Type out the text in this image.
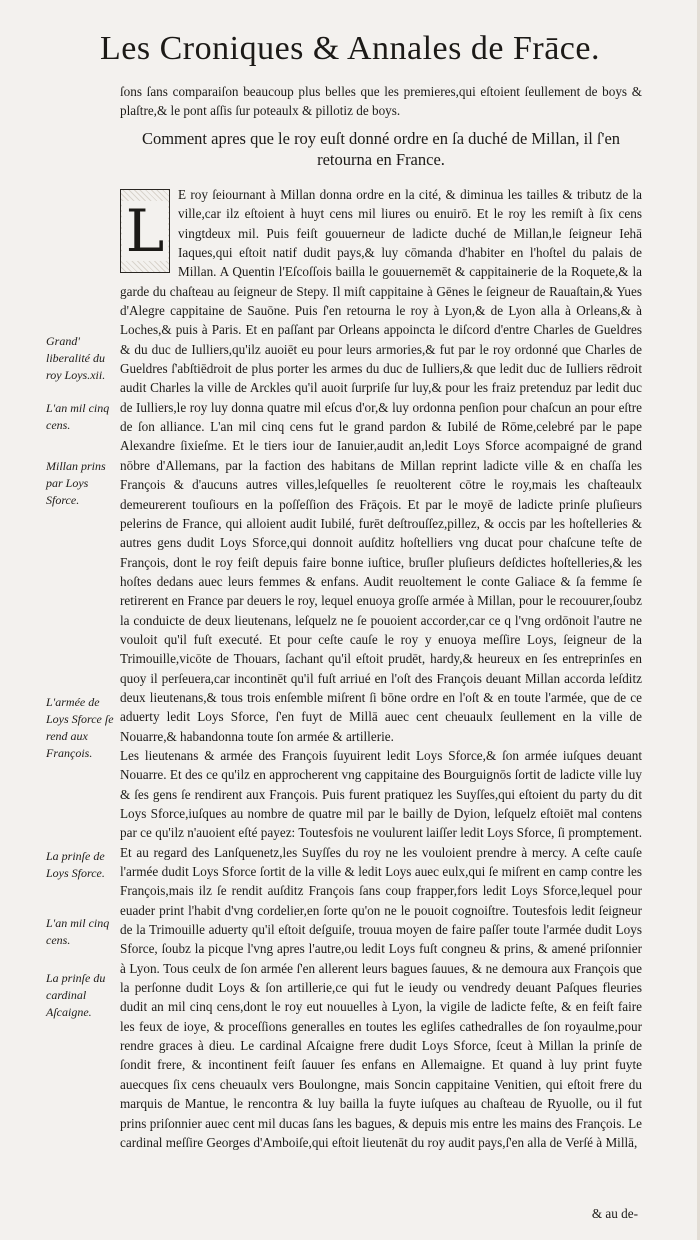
Les Croniques & Annales de Frāce.
ſons ſans comparaiſon beaucoup plus belles que les premieres,qui eſtoient ſeullement de boys & plaſtre,& le pont aſſis ſur poteaulx & pillotiz de boys.
Comment apres que le roy euſt donné ordre en ſa duché de Millan, il ſ'en retourna en France.
L

E roy ſeiournant à Millan donna ordre en la cité, & diminua les tailles & tributz de la ville,car ilz eſtoient à huyt cens mil liures ou enuirō. Et le roy les remiſt à ſix cens vingtdeux mil. Puis feiſt gouuerneur de ladicte duché de Millan,le ſeigneur Iehā Iaques,qui eſtoit natif dudit pays,& luy cōmanda d'habiter en l'hoſtel du palais de Millan. A Quentin l'Eſcoſſois bailla le gouuernemēt & cappitainerie de la Roquete,& la garde du chaſteau au ſeigneur de Stepy. Il miſt cappitaine à Gēnes le ſeigneur de Rauaſtain,& Yues d'Alegre cappitaine de Sauōne. Puis ſ'en retourna le roy à Lyon,& de Lyon alla à Orleans,& à Loches,& puis à Paris. Et en paſſant par Orleans appoincta le diſcord d'entre Charles de Gueldres & du duc de Iulliers,qu'ilz auoiēt eu pour leurs armories,& fut par le roy ordonné que Charles de Gueldres ſ'abſtiēdroit de plus porter les armes du duc de Iulliers,& que ledit duc de Iulliers rēdroit audit Charles la ville de Arckles qu'il auoit ſurpriſe ſur luy,& pour les fraiz pretenduz par ledit duc de Iulliers,le roy luy donna quatre mil eſcus d'or,& luy ordonna penſion pour chaſcun an pour eſtre de ſon alliance. L'an mil cinq cens fut le grand pardon & Iubilé de Rōme,celebré par le pape Alexandre ſixieſme. Et le tiers iour de Ianuier,audit an,ledit Loys Sforce acompaigné de grand nōbre d'Allemans, par la faction des habitans de Millan reprint ladicte ville & en chaſſa les François & d'aucuns autres villes,leſquelles ſe reuolterent cōtre le roy,mais les chaſteaulx demeurerent touſiours en la poſſeſſion des Frāçois. Et par le moyē de ladicte prinſe pluſieurs pelerins de France, qui alloient audit Iubilé, furēt deſtrouſſez,pillez, & occis par les hoſtelleries & autres gens dudit Loys Sforce,qui donnoit auſditz hoſtelliers vng ducat pour chaſcune teſte de François, dont le roy feiſt depuis faire bonne iuſtice, bruſler pluſieurs deſdictes hoſtelleries,& les hoſtes dedans auec leurs femmes & enfans. Audit reuoltement le conte Galiace & ſa femme ſe retirerent en France par deuers le roy, lequel enuoya groſſe armée à Millan, pour le recouurer,ſoubz la conduicte de deux lieutenans, leſquelz ne ſe pouoient accorder,car ce q l'vng ordōnoit l'autre ne vouloit qu'il fuſt executé. Et pour ceſte cauſe le roy y enuoya meſſire Loys, ſeigneur de la Trimouille,vicōte de Thouars, ſachant qu'il eſtoit prudēt, hardy,& heureux en ſes entreprinſes en quoy il perſeuera,car incontinēt qu'il fuſt arriué en l'oſt des François deuant Millan accorda leſditz deux lieutenans,& tous trois enſemble miſrent ſi bōne ordre en l'oſt & en toute l'armée, que de ce aduerty ledit Loys Sforce, ſ'en fuyt de Millā auec cent cheuaulx ſeullement en la ville de Nouarre,& habandonna toute ſon armée & artillerie.

Les lieutenans & armée des François ſuyuirent ledit Loys Sforce,& ſon armée iuſques deuant Nouarre. Et des ce qu'ilz en approcherent vng cappitaine des Bourguignōs ſortit de ladicte ville luy & ſes gens ſe rendirent aux François. Puis furent pratiquez les Suyſſes,qui eſtoient du party du dit Loys Sforce,iuſques au nombre de quatre mil par le bailly de Dyion, leſquelz eſtoiēt mal contens par ce qu'ilz n'auoient eſté payez: Toutesfois ne voulurent laiſſer ledit Loys Sforce, ſi promptement. Et au regard des Lanſquenetz,les Suyſſes du roy ne les vouloient prendre à mercy. A ceſte cauſe l'armée dudit Loys Sforce ſortit de la ville & ledit Loys auec eulx,qui ſe miſrent en camp contre les François,mais ilz ſe rendit auſditz François ſans coup frapper,fors ledit Loys Sforce,lequel pour euader print l'habit d'vng cordelier,en ſorte qu'on ne le pouoit cognoiſtre. Toutesfois ledit ſeigneur de la Trimouille aduerty qu'il eſtoit deſguiſe, trouua moyen de faire paſſer toute l'armée dudit Loys Sforce, ſoubz la picque l'vng apres l'autre,ou ledit Loys fuſt congneu & prins, & amené priſonnier à Lyon. Tous ceulx de ſon armée ſ'en allerent leurs bagues ſauues, & ne demoura aux François que la perſonne dudit Loys & ſon artillerie,ce qui fut le ieudy ou vendredy deuant Paſques fleuries dudit an mil cinq cens,dont le roy eut nouuelles à Lyon, la vigile de ladicte feſte, & en feiſt faire les feux de ioye, & proceſſions generalles en toutes les egliſes cathedralles de ſon royaulme,pour rendre graces à dieu. Le cardinal Aſcaigne frere dudit Loys Sforce, ſceut à Millan la prinſe de ſondit frere, & incontinent feiſt ſauuer ſes enfans en Allemaigne. Et quand à luy print fuyte auecques ſix cens cheuaulx vers Boulongne, mais Soncin cappitaine Venitien, qui eſtoit frere du marquis de Mantue, le rencontra & luy bailla la fuyte iuſques au chaſteau de Ryuolle, ou il fut prins priſonnier auec cent mil ducas ſans les bagues, & depuis mis entre les mains des François. Le cardinal meſſire Georges d'Amboiſe,qui eſtoit lieutenāt du roy audit pays,ſ'en alla de Verſé à Millā,

& au de-
Grand' liberalité du roy Loys.xii.
L'an mil cinq cens.
Millan prins par Loys Sforce.
L'armée de Loys Sforce ſe rend aux François.
La prinſe de Loys Sforce.
L'an mil cinq cens.
La prinſe du cardinal Aſcaigne.
